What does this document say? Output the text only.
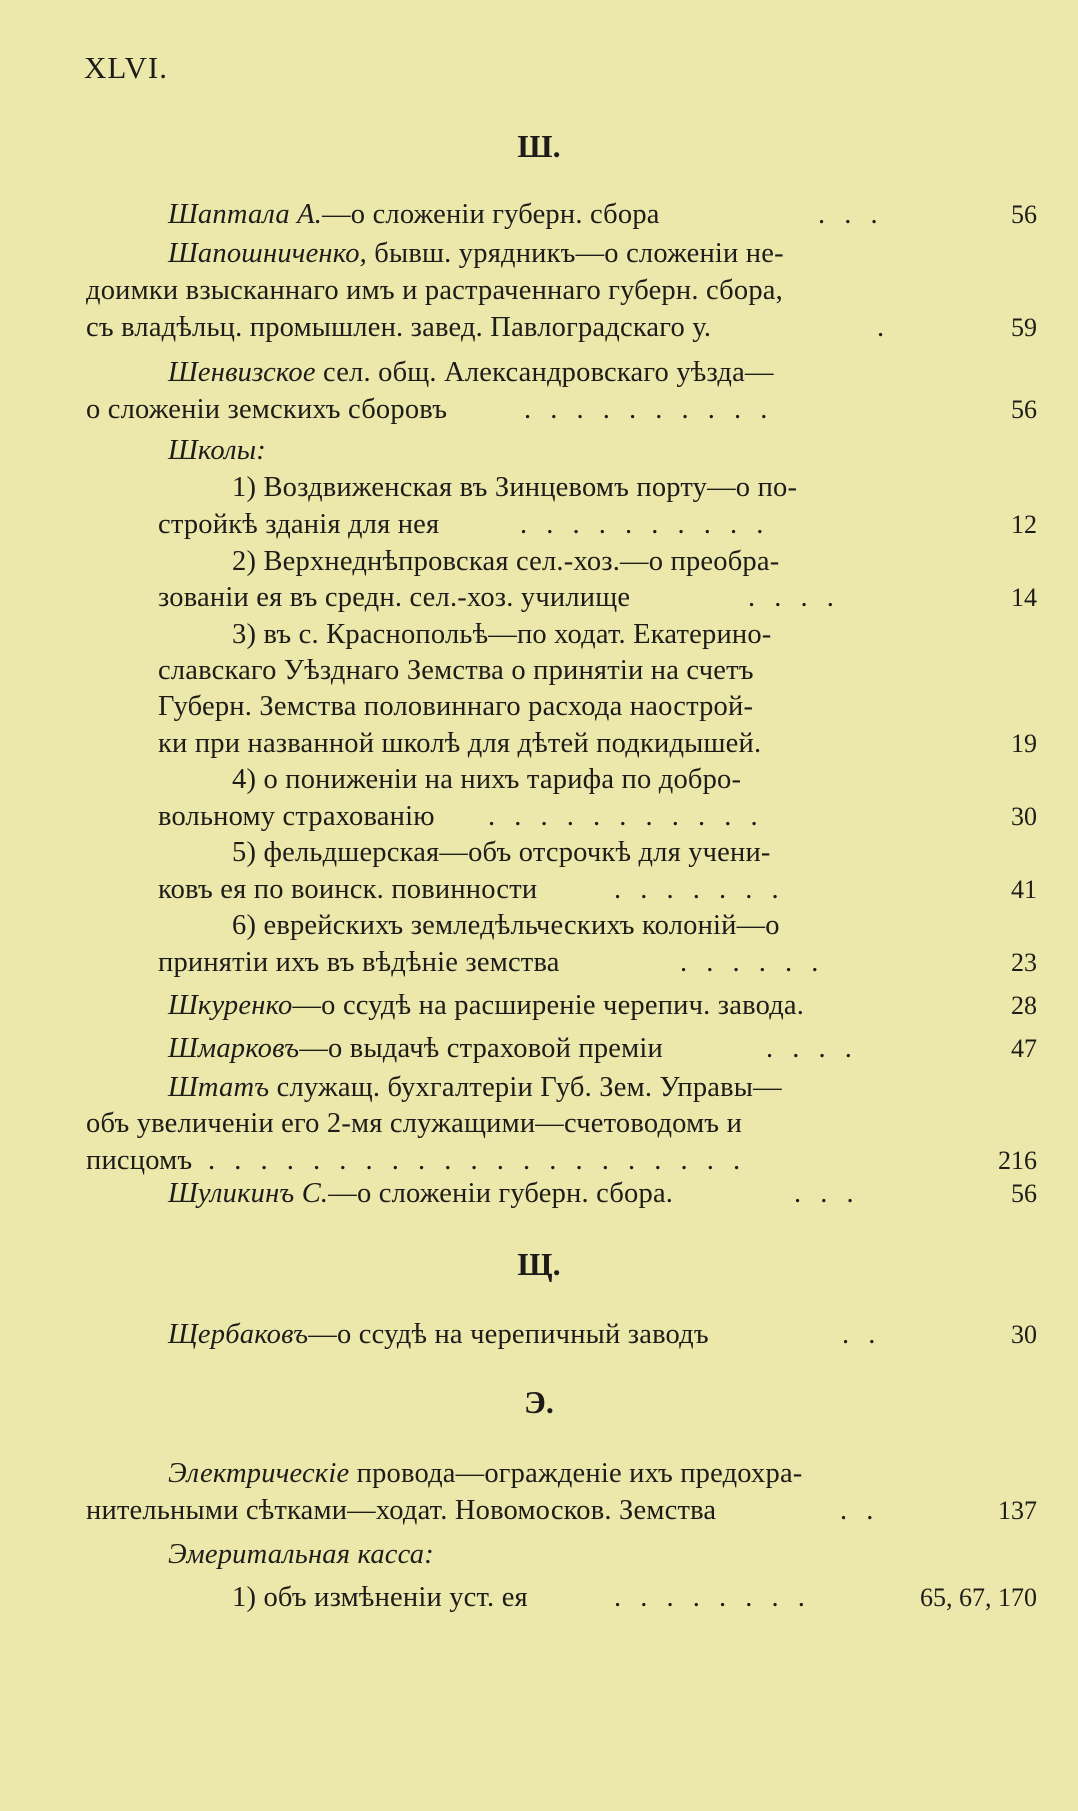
XLVI.
Ш.
Щ.
Э.
Шаптала А.—о сложеніи губерн. сбора	. . .	56
Шапошниченко, бывш. урядникъ—о сложеніи не-
доимки взысканнаго имъ и растраченнаго губерн. сбора,
съ владѣльц. промышлен. завед. Павлоградскаго у.	.	59
Шенвизское сел. общ. Александровскаго уѣзда—
о сложеніи земскихъ сборовъ	. . . . . . . . . .	56
Школы:
1) Воздвиженская въ Зинцевомъ порту—о по-
стройкѣ зданія для нея	. . . . . . . . . .	12
2) Верхнеднѣпровская сел.-хоз.—о преобра-
зованіи ея въ средн. сел.-хоз. училище	. . . .	14
3) въ с. Краснопольѣ—по ходат. Екатерино-
славскаго Уѣзднаго Земства о принятіи на счетъ
Губерн. Земства половиннаго расхода наострой-
ки при названной школѣ для дѣтей подкидышей.	19
4) о пониженіи на нихъ тарифа по добро-
вольному страхованію . . . . . . . . . . .	30
5) фельдшерская—объ отсрочкѣ для учени-
ковъ ея по воинск. повинности	. . . . . . .	41
6) еврейскихъ земледѣльческихъ колоній—о
принятіи ихъ въ вѣдѣніе земства	. . . . . .	23
Шкуренко—о ссудѣ на расширеніе черепич. завода.	28
Шмарковъ—о выдачѣ страховой преміи	. . . .	47
Штатъ служащ. бухгалтеріи Губ. Зем. Управы—
объ увеличеніи его 2-мя служащими—счетоводомъ и
писцомъ . . . . . . . . . . . . . . . . . . . . .	216
Шуликинъ С.—о сложеніи губерн. сбора.	. . .	56
Щербаковъ—о ссудѣ на черепичный заводъ	. .	30
Электрическіе провода—огражденіе ихъ предохра-
нительными сѣтками—ходат. Новомосков. Земства	. .	137
Эмеритальная касса:
1) объ измѣненіи уст. ея	. . . . . . . .	65, 67, 170
